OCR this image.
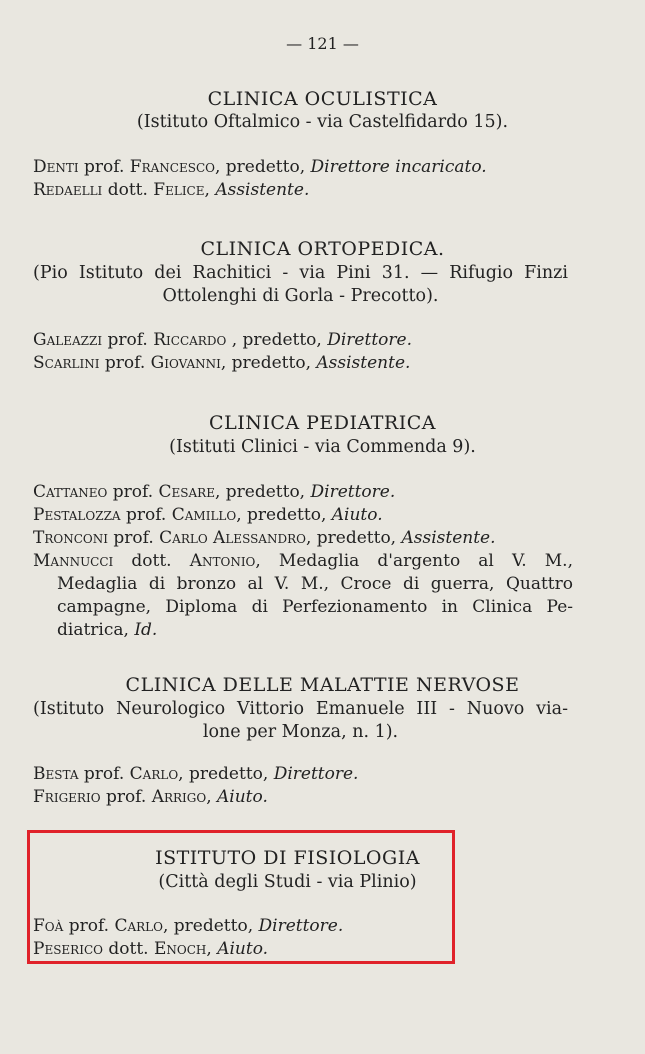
— 121 —
CLINICA OCULISTICA
(Istituto Oftalmico - via Castelfidardo 15).

Denti prof. Francesco, predetto, Direttore incaricato.

Redaelli dott. Felice, Assistente.

CLINICA ORTOPEDICA.
(Pio Istituto dei Rachitici - via Pini 31. — Rifugio Finzi
Ottolenghi di Gorla - Precotto).

Galeazzi prof. Riccardo , predetto, Direttore.

Scarlini prof. Giovanni, predetto, Assistente.

CLINICA PEDIATRICA
(Istituti Clinici - via Commenda 9).

Cattaneo prof. Cesare, predetto, Direttore.

Pestalozza prof. Camillo, predetto, Aiuto.

Tronconi prof. Carlo Alessandro, predetto, Assistente.

Mannucci dott. Antonio, Medaglia d'argento al V. M.,
Medaglia di bronzo al V. M., Croce di guerra, Quattro
campagne, Diploma di Perfezionamento in Clinica Pe-
diatrica, Id.

CLINICA DELLE MALATTIE NERVOSE
(Istituto Neurologico Vittorio Emanuele III - Nuovo via-
lone per Monza, n. 1).

Besta prof. Carlo, predetto, Direttore.

Frigerio prof. Arrigo, Aiuto.

ISTITUTO DI FISIOLOGIA
(Città degli Studi - via Plinio)

Foà prof. Carlo, predetto, Direttore.

Peserico dott. Enoch, Aiuto.
